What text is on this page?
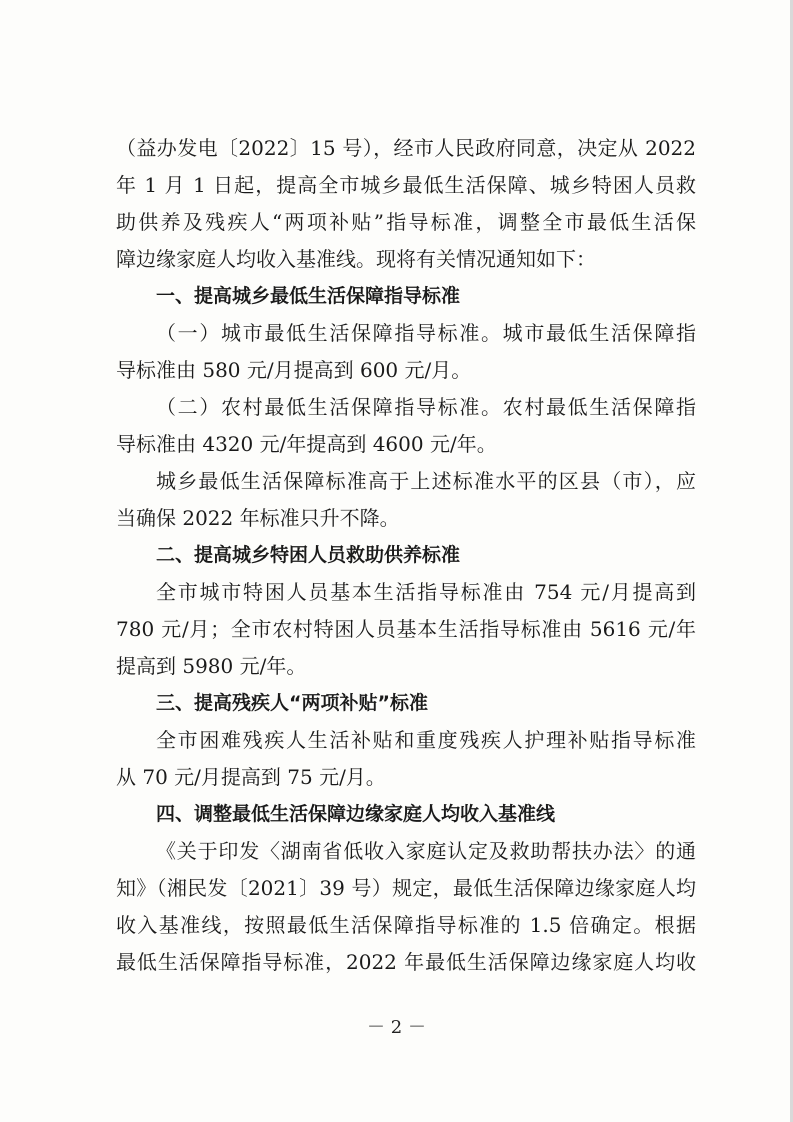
（益办发电〔2022〕15 号），经市人民政府同意，决定从 2022
年 1 月 1 日起，提高全市城乡最低生活保障、城乡特困人员救
助供养及残疾人“两项补贴”指导标准，调整全市最低生活保
障边缘家庭人均收入基准线。现将有关情况通知如下：
一、提高城乡最低生活保障指导标准
（一）城市最低生活保障指导标准。城市最低生活保障指
导标准由 580 元/月提高到 600 元/月。
（二）农村最低生活保障指导标准。农村最低生活保障指
导标准由 4320 元/年提高到 4600 元/年。
城乡最低生活保障标准高于上述标准水平的区县（市），应
当确保 2022 年标准只升不降。
二、提高城乡特困人员救助供养标准
全市城市特困人员基本生活指导标准由 754 元/月提高到
780 元/月；全市农村特困人员基本生活指导标准由 5616 元/年
提高到 5980 元/年。
三、提高残疾人“两项补贴”标准
全市困难残疾人生活补贴和重度残疾人护理补贴指导标准
从 70 元/月提高到 75 元/月。
四、调整最低生活保障边缘家庭人均收入基准线
《关于印发〈湖南省低收入家庭认定及救助帮扶办法〉的通
知》（湘民发〔2021〕39 号）规定，最低生活保障边缘家庭人均
收入基准线，按照最低生活保障指导标准的 1.5 倍确定。根据
最低生活保障指导标准，2022 年最低生活保障边缘家庭人均收
－ 2 －
